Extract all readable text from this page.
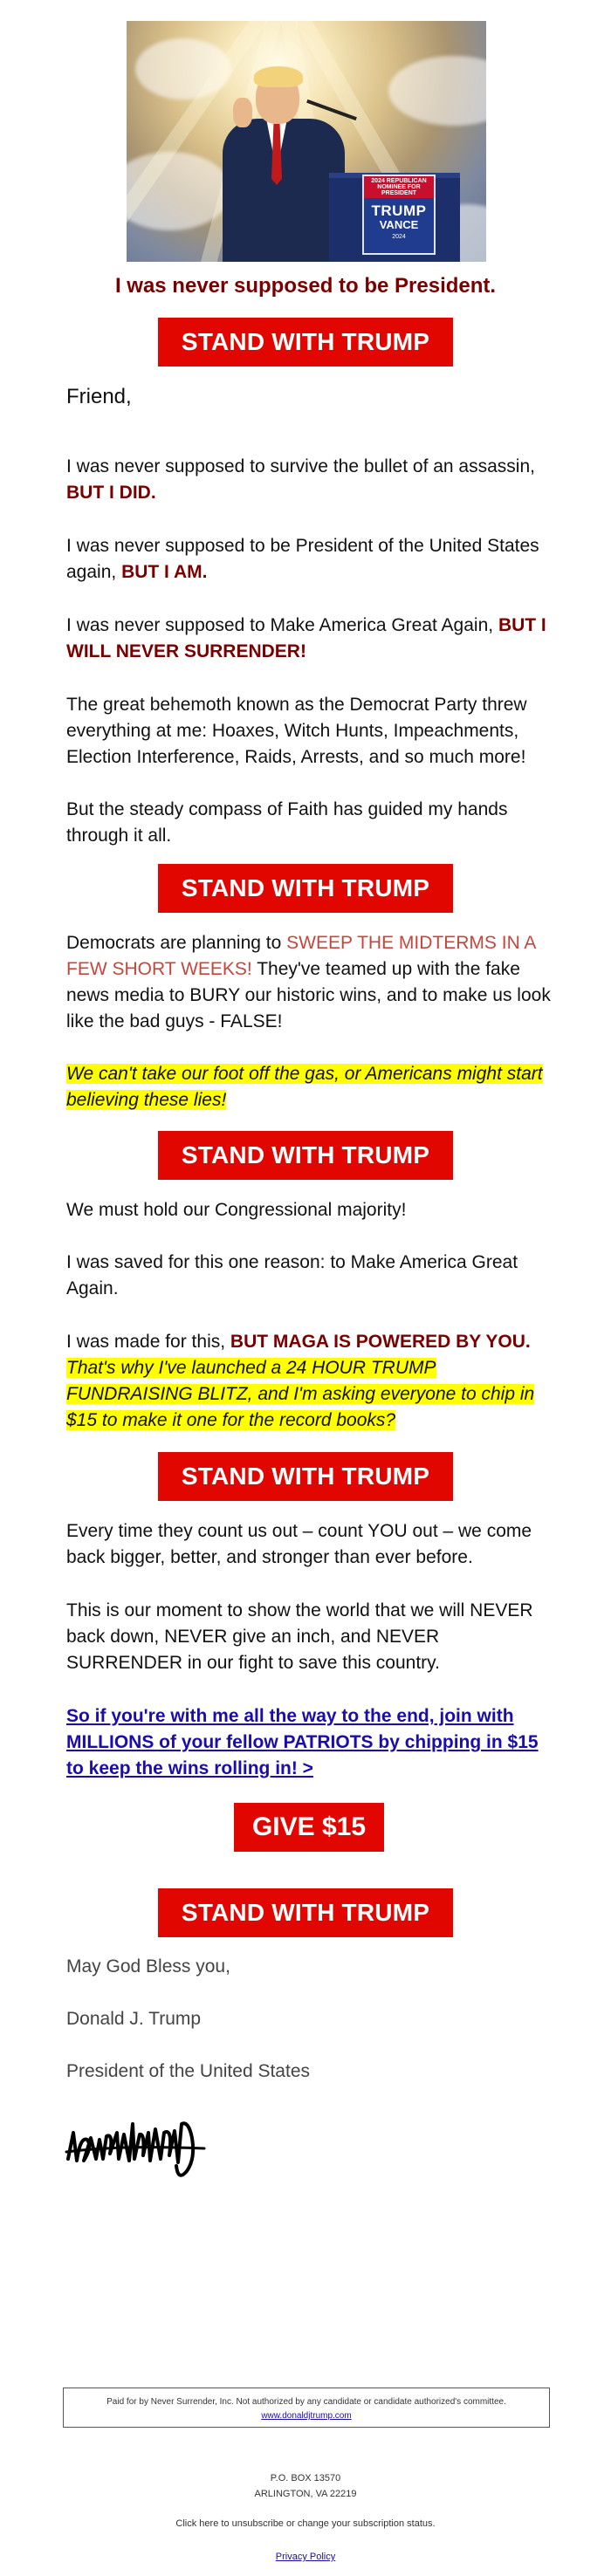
2024 REPUBLICAN NOMINEE FOR PRESIDENT
TRUMP
VANCE
2024
I was never supposed to be President.
STAND WITH TRUMP
Friend,
I was never supposed to survive the bullet of an assassin, BUT I DID.
I was never supposed to be President of the United States again, BUT I AM.
I was never supposed to Make America Great Again, BUT I WILL NEVER SURRENDER!
The great behemoth known as the Democrat Party threw everything at me: Hoaxes, Witch Hunts, Impeachments, Election Interference, Raids, Arrests, and so much more!
But the steady compass of Faith has guided my hands through it all.
STAND WITH TRUMP
Democrats are planning to SWEEP THE MIDTERMS IN A FEW SHORT WEEKS! They've teamed up with the fake news media to BURY our historic wins, and to make us look like the bad guys - FALSE!
We can't take our foot off the gas, or Americans might start believing these lies!
STAND WITH TRUMP
We must hold our Congressional majority!
I was saved for this one reason: to Make America Great Again.
I was made for this, BUT MAGA IS POWERED BY YOU. That's why I've launched a 24 HOUR TRUMP FUNDRAISING BLITZ, and I'm asking everyone to chip in $15 to make it one for the record books?
STAND WITH TRUMP
Every time they count us out – count YOU out – we come back bigger, better, and stronger than ever before.
This is our moment to show the world that we will NEVER back down, NEVER give an inch, and NEVER SURRENDER in our fight to save this country.
So if you're with me all the way to the end, join with MILLIONS of your fellow PATRIOTS by chipping in $15 to keep the wins rolling in! >
GIVE $15
STAND WITH TRUMP
May God Bless you,
Donald J. Trump
President of the United States
Paid for by Never Surrender, Inc. Not authorized by any candidate or candidate authorized's committee.
www.donaldjtrump.com
P.O. BOX 13570
ARLINGTON, VA 22219
Click here to unsubscribe or change your subscription status.
Privacy Policy
